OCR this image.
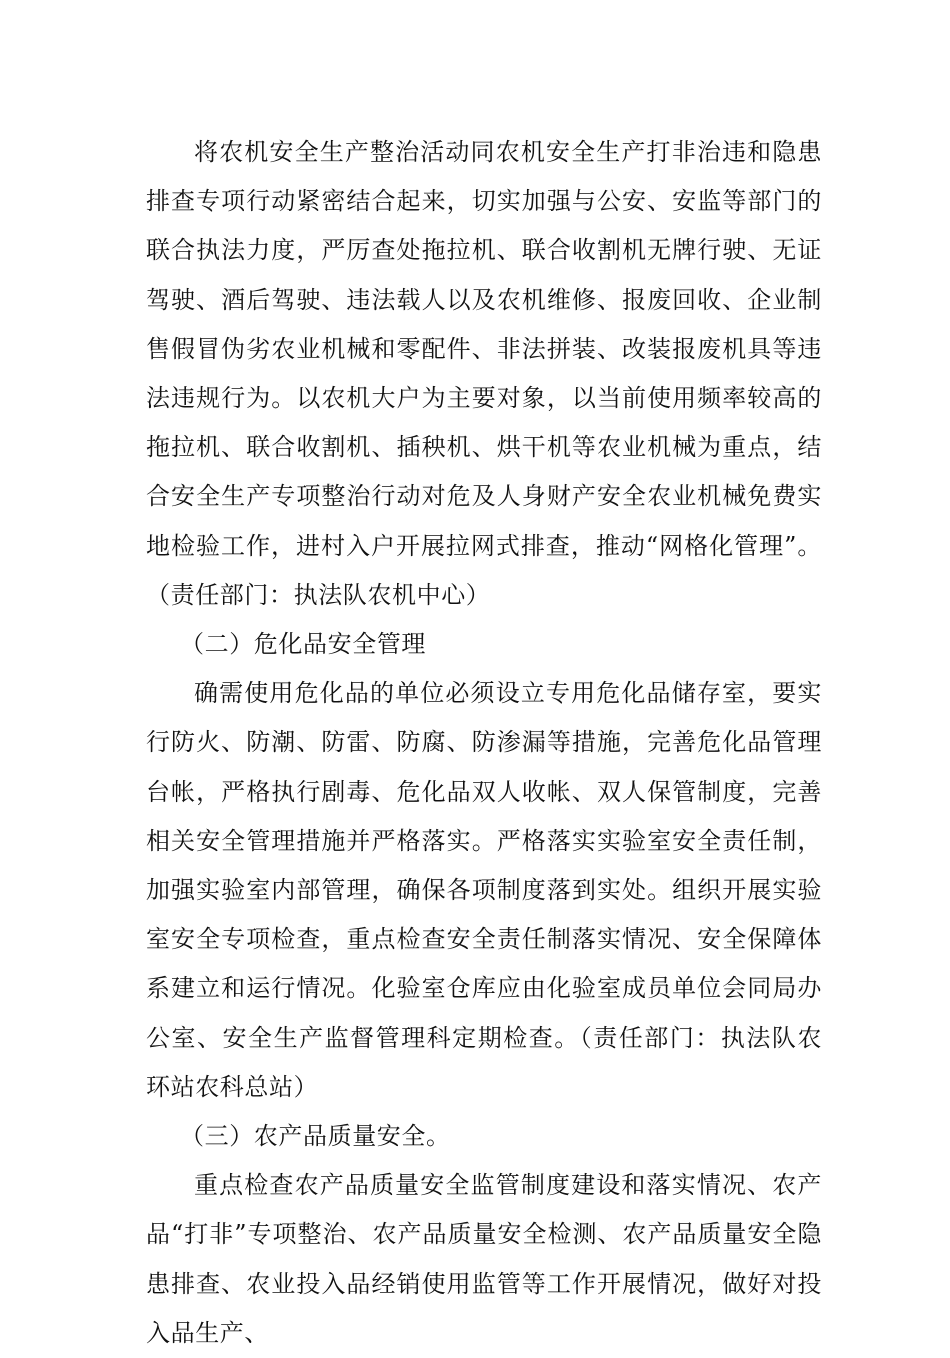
将农机安全生产整治活动同农机安全生产打非治违和隐患排查专项行动紧密结合起来，切实加强与公安、安监等部门的联合执法力度，严厉查处拖拉机、联合收割机无牌行驶、无证驾驶、酒后驾驶、违法载人以及农机维修、报废回收、企业制售假冒伪劣农业机械和零配件、非法拼装、改装报废机具等违法违规行为。以农机大户为主要对象，以当前使用频率较高的拖拉机、联合收割机、插秧机、烘干机等农业机械为重点，结合安全生产专项整治行动对危及人身财产安全农业机械免费实地检验工作，进村入户开展拉网式排查，推动“网格化管理”。（责任部门：执法队农机中心）

（二）危化品安全管理

确需使用危化品的单位必须设立专用危化品储存室，要实行防火、防潮、防雷、防腐、防渗漏等措施，完善危化品管理台帐，严格执行剧毒、危化品双人收帐、双人保管制度，完善相关安全管理措施并严格落实。严格落实实验室安全责任制，加强实验室内部管理，确保各项制度落到实处。组织开展实验室安全专项检查，重点检查安全责任制落实情况、安全保障体系建立和运行情况。化验室仓库应由化验室成员单位会同局办公室、安全生产监督管理科定期检查。（责任部门：执法队农环站农科总站）

（三）农产品质量安全。

重点检查农产品质量安全监管制度建设和落实情况、农产品“打非”专项整治、农产品质量安全检测、农产品质量安全隐患排查、农业投入品经销使用监管等工作开展情况，做好对投入品生产、
